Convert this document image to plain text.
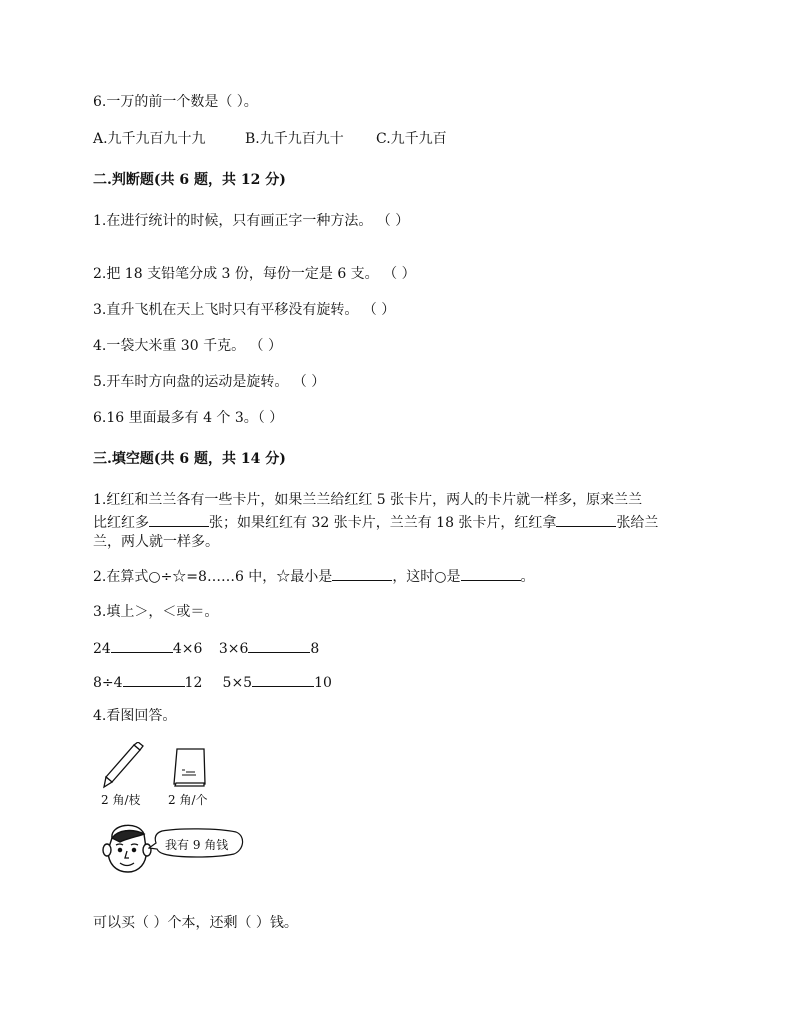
6.一万的前一个数是（ ）。
A.九千九百九十九	B.九千九百九十 C.九千九百
二.判断题(共 6 题，共 12 分)
1.在进行统计的时候，只有画正字一种方法。 （ ）
2.把 18 支铅笔分成 3 份，每份一定是 6 支。 （ ）
3.直升飞机在天上飞时只有平移没有旋转。 （ ）
4.一袋大米重 30 千克。 （ ）
5.开车时方向盘的运动是旋转。 （ ）
6.16 里面最多有 4 个 3。（ ）
三.填空题(共 6 题，共 14 分)
1.红红和兰兰各有一些卡片，如果兰兰给红红 5 张卡片，两人的卡片就一样多，原来兰兰
比红红多	张；如果红红有 32 张卡片，兰兰有 18 张卡片，红红拿	张给兰
兰，两人就一样多。
2.在算式○÷☆=8……6 中，☆最小是	，这时○是	。
3.填上＞，＜或＝。
24	4×6 3×6	8
8÷4	12 5×5	10
4.看图回答。
2 角/枝 2 角/个
我有 9 角钱
可以买（ ）个本，还剩（ ）钱。
